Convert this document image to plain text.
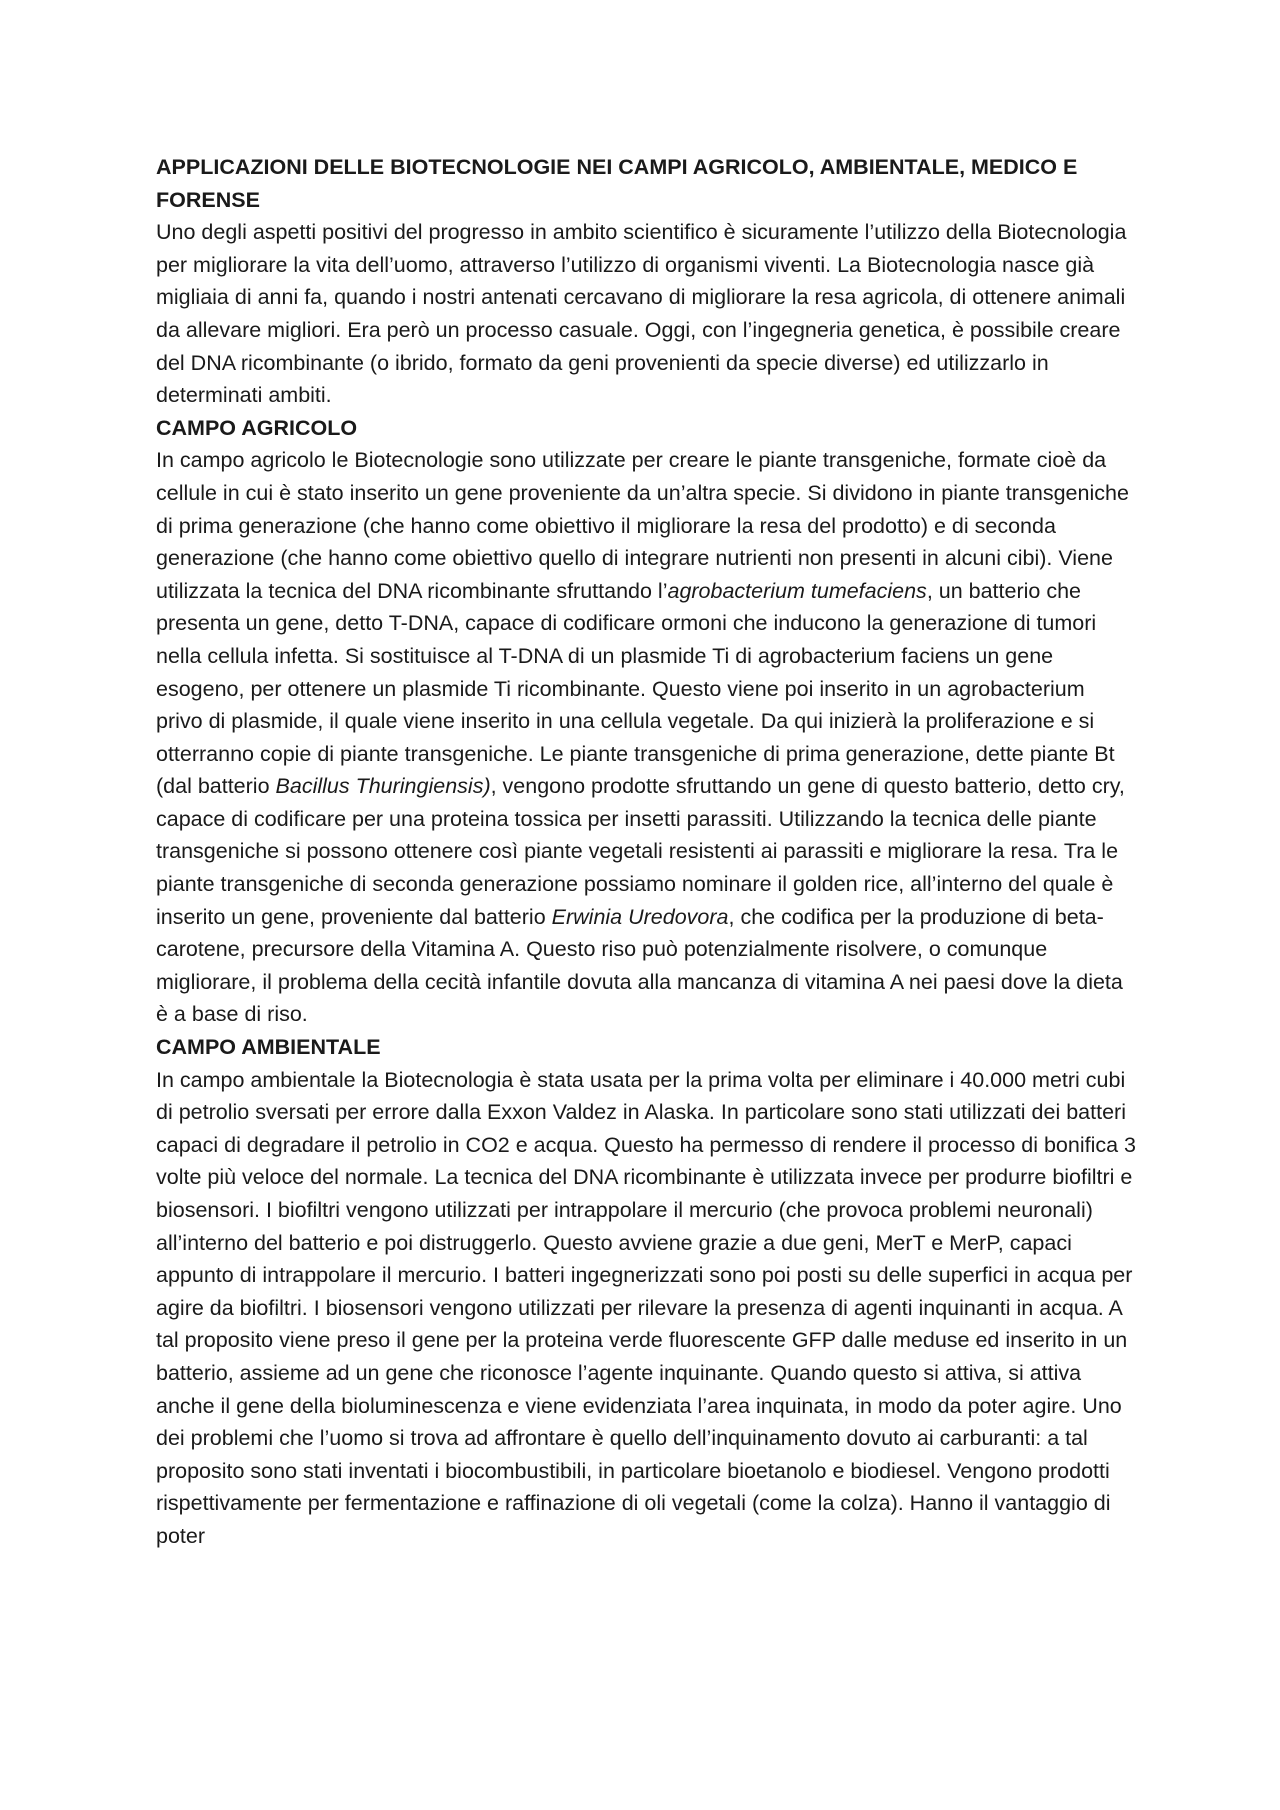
APPLICAZIONI DELLE BIOTECNOLOGIE NEI CAMPI AGRICOLO, AMBIENTALE, MEDICO E FORENSE

Uno degli aspetti positivi del progresso in ambito scientifico è sicuramente l’utilizzo della Biotecnologia per migliorare la vita dell’uomo, attraverso l’utilizzo di organismi viventi. La Biotecnologia nasce già migliaia di anni fa, quando i nostri antenati cercavano di migliorare la resa agricola, di ottenere animali da allevare migliori. Era però un processo casuale. Oggi, con l’ingegneria genetica, è possibile creare del DNA ricombinante (o ibrido, formato da geni provenienti da specie diverse) ed utilizzarlo in determinati ambiti.

CAMPO AGRICOLO

In campo agricolo le Biotecnologie sono utilizzate per creare le piante transgeniche, formate cioè da cellule in cui è stato inserito un gene proveniente da un’altra specie. Si dividono in piante transgeniche di prima generazione (che hanno come obiettivo il migliorare la resa del prodotto) e di seconda generazione (che hanno come obiettivo quello di integrare nutrienti non presenti in alcuni cibi). Viene utilizzata la tecnica del DNA ricombinante sfruttando l’agrobacterium tumefaciens, un batterio che presenta un gene, detto T-DNA, capace di codificare ormoni che inducono la generazione di tumori nella cellula infetta. Si sostituisce al T-DNA di un plasmide Ti di agrobacterium faciens un gene esogeno, per ottenere un plasmide Ti ricombinante. Questo viene poi inserito in un agrobacterium privo di plasmide, il quale viene inserito in una cellula vegetale. Da qui inizierà la proliferazione e si otterranno copie di piante transgeniche. Le piante transgeniche di prima generazione, dette piante Bt (dal batterio Bacillus Thuringiensis), vengono prodotte sfruttando un gene di questo batterio, detto cry, capace di codificare per una proteina tossica per insetti parassiti. Utilizzando la tecnica delle piante transgeniche si possono ottenere così piante vegetali resistenti ai parassiti e migliorare la resa. Tra le piante transgeniche di seconda generazione possiamo nominare il golden rice, all’interno del quale è inserito un gene, proveniente dal batterio Erwinia Uredovora, che codifica per la produzione di beta-carotene, precursore della Vitamina A. Questo riso può potenzialmente risolvere, o comunque migliorare, il problema della cecità infantile dovuta alla mancanza di vitamina A nei paesi dove la dieta è a base di riso.

CAMPO AMBIENTALE

In campo ambientale la Biotecnologia è stata usata per la prima volta per eliminare i 40.000 metri cubi di petrolio sversati per errore dalla Exxon Valdez in Alaska. In particolare sono stati utilizzati dei batteri capaci di degradare il petrolio in CO2 e acqua. Questo ha permesso di rendere il processo di bonifica 3 volte più veloce del normale. La tecnica del DNA ricombinante è utilizzata invece per produrre biofiltri e biosensori. I biofiltri vengono utilizzati per intrappolare il mercurio (che provoca problemi neuronali) all’interno del batterio e poi distruggerlo. Questo avviene grazie a due geni, MerT e MerP, capaci appunto di intrappolare il mercurio. I batteri ingegnerizzati sono poi posti su delle superfici in acqua per agire da biofiltri. I biosensori vengono utilizzati per rilevare la presenza di agenti inquinanti in acqua. A tal proposito viene preso il gene per la proteina verde fluorescente GFP dalle meduse ed inserito in un batterio, assieme ad un gene che riconosce l’agente inquinante. Quando questo si attiva, si attiva anche il gene della bioluminescenza e viene evidenziata l’area inquinata, in modo da poter agire. Uno dei problemi che l’uomo si trova ad affrontare è quello dell’inquinamento dovuto ai carburanti: a tal proposito sono stati inventati i biocombustibili, in particolare bioetanolo e biodiesel. Vengono prodotti rispettivamente per fermentazione e raffinazione di oli vegetali (come la colza). Hanno il vantaggio di poter
